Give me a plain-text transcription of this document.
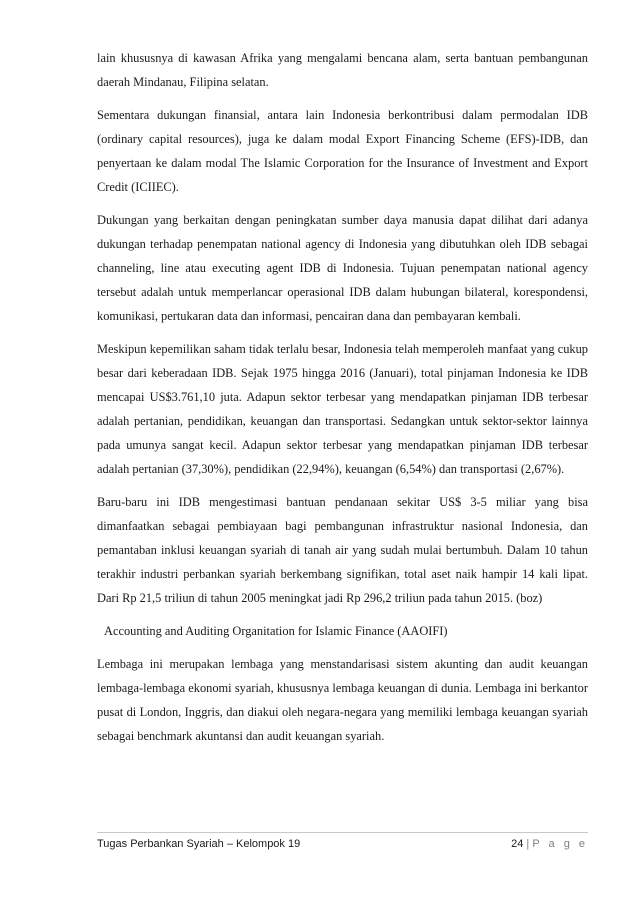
lain khususnya di kawasan Afrika yang mengalami bencana alam, serta bantuan pembangunan daerah Mindanau, Filipina selatan.

Sementara dukungan finansial, antara lain Indonesia berkontribusi dalam permodalan IDB (ordinary capital resources), juga ke dalam modal Export Financing Scheme (EFS)-IDB, dan penyertaan ke dalam modal The Islamic Corporation for the Insurance of Investment and Export Credit (ICIIEC).

Dukungan yang berkaitan dengan peningkatan sumber daya manusia dapat dilihat dari adanya dukungan terhadap penempatan national agency di Indonesia yang dibutuhkan oleh IDB sebagai channeling, line atau executing agent IDB di Indonesia. Tujuan penempatan national agency tersebut adalah untuk memperlancar operasional IDB dalam hubungan bilateral, korespondensi, komunikasi, pertukaran data dan informasi, pencairan dana dan pembayaran kembali.

Meskipun kepemilikan saham tidak terlalu besar, Indonesia telah memperoleh manfaat yang cukup besar dari keberadaan IDB. Sejak 1975 hingga 2016 (Januari), total pinjaman Indonesia ke IDB mencapai US$3.761,10 juta. Adapun sektor terbesar yang mendapatkan pinjaman IDB terbesar adalah pertanian, pendidikan, keuangan dan transportasi. Sedangkan untuk sektor-sektor lainnya pada umunya sangat kecil. Adapun sektor terbesar yang mendapatkan pinjaman IDB terbesar adalah pertanian (37,30%), pendidikan (22,94%), keuangan (6,54%) dan transportasi (2,67%).

Baru-baru ini IDB mengestimasi bantuan pendanaan sekitar US$ 3-5 miliar yang bisa dimanfaatkan sebagai pembiayaan bagi pembangunan infrastruktur nasional Indonesia, dan pemantaban inklusi keuangan syariah di tanah air yang sudah mulai bertumbuh. Dalam 10 tahun terakhir industri perbankan syariah berkembang signifikan, total aset naik hampir 14 kali lipat. Dari Rp 21,5 triliun di tahun 2005 meningkat jadi Rp 296,2 triliun pada tahun 2015. (boz)

Accounting and Auditing Organitation for Islamic Finance (AAOIFI)

Lembaga ini merupakan lembaga yang menstandarisasi sistem akunting dan audit keuangan lembaga-lembaga ekonomi syariah, khususnya lembaga keuangan di dunia. Lembaga ini berkantor pusat di London, Inggris, dan diakui oleh negara-negara yang memiliki lembaga keuangan syariah sebagai benchmark akuntansi dan audit keuangan syariah.

Tugas Perbankan Syariah – Kelompok 19	24 | P a g e
